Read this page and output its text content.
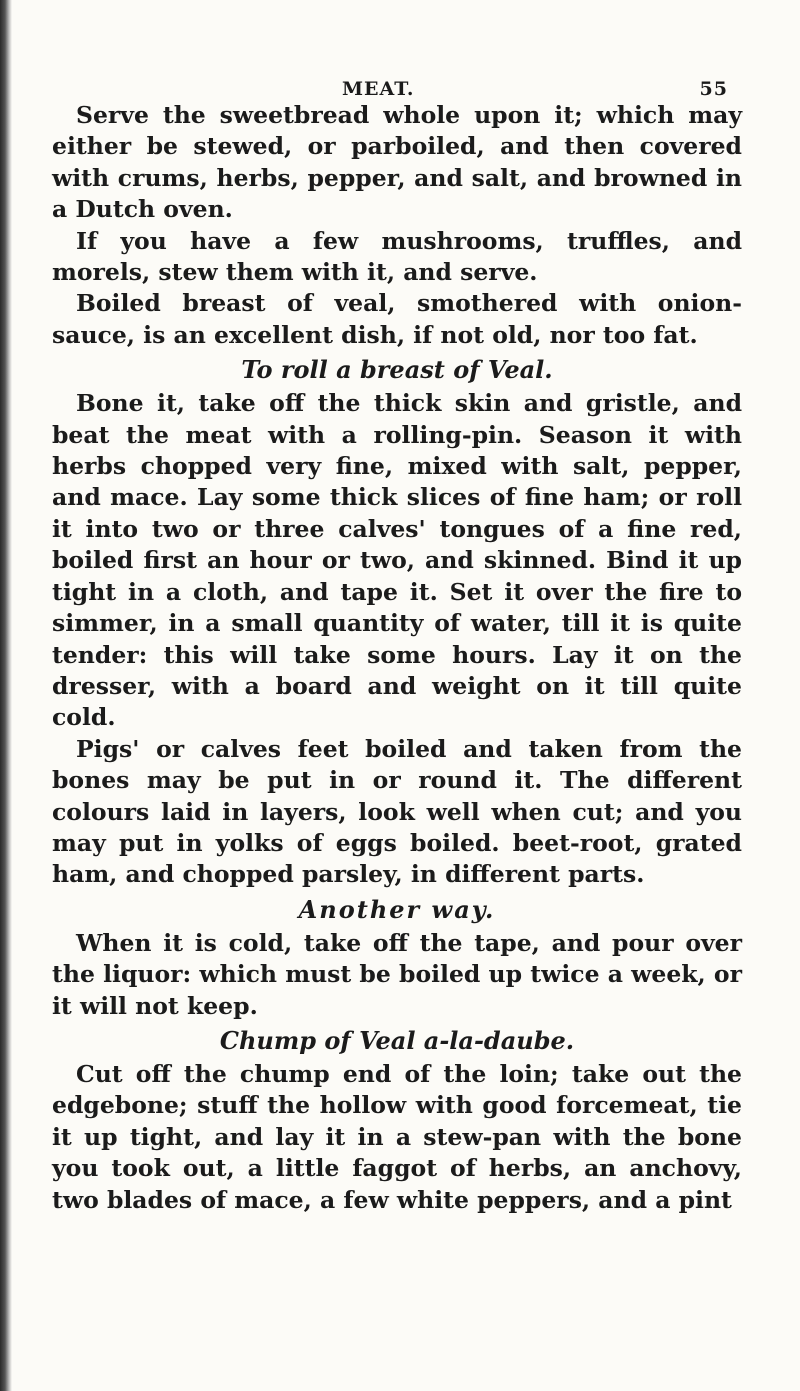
MEAT.	55

Serve the sweetbread whole upon it; which may either be stewed, or parboiled, and then covered with crums, herbs, pepper, and salt, and browned in a Dutch oven.

If you have a few mushrooms, truffles, and morels, stew them with it, and serve.

Boiled breast of veal, smothered with onion-sauce, is an excellent dish, if not old, nor too fat.

To roll a breast of Veal.

Bone it, take off the thick skin and gristle, and beat the meat with a rolling-pin. Season it with herbs chopped very fine, mixed with salt, pepper, and mace. Lay some thick slices of fine ham; or roll it into two or three calves' tongues of a fine red, boiled first an hour or two, and skinned. Bind it up tight in a cloth, and tape it. Set it over the fire to simmer, in a small quantity of water, till it is quite tender: this will take some hours. Lay it on the dresser, with a board and weight on it till quite cold.

Pigs' or calves feet boiled and taken from the bones may be put in or round it. The different colours laid in layers, look well when cut; and you may put in yolks of eggs boiled. beet-root, grated ham, and chopped parsley, in different parts.

Another way.

When it is cold, take off the tape, and pour over the liquor: which must be boiled up twice a week, or it will not keep.

Chump of Veal a-la-daube.

Cut off the chump end of the loin; take out the edgebone; stuff the hollow with good forcemeat, tie it up tight, and lay it in a stew-pan with the bone you took out, a little faggot of herbs, an anchovy, two blades of mace, a few white peppers, and a pint
